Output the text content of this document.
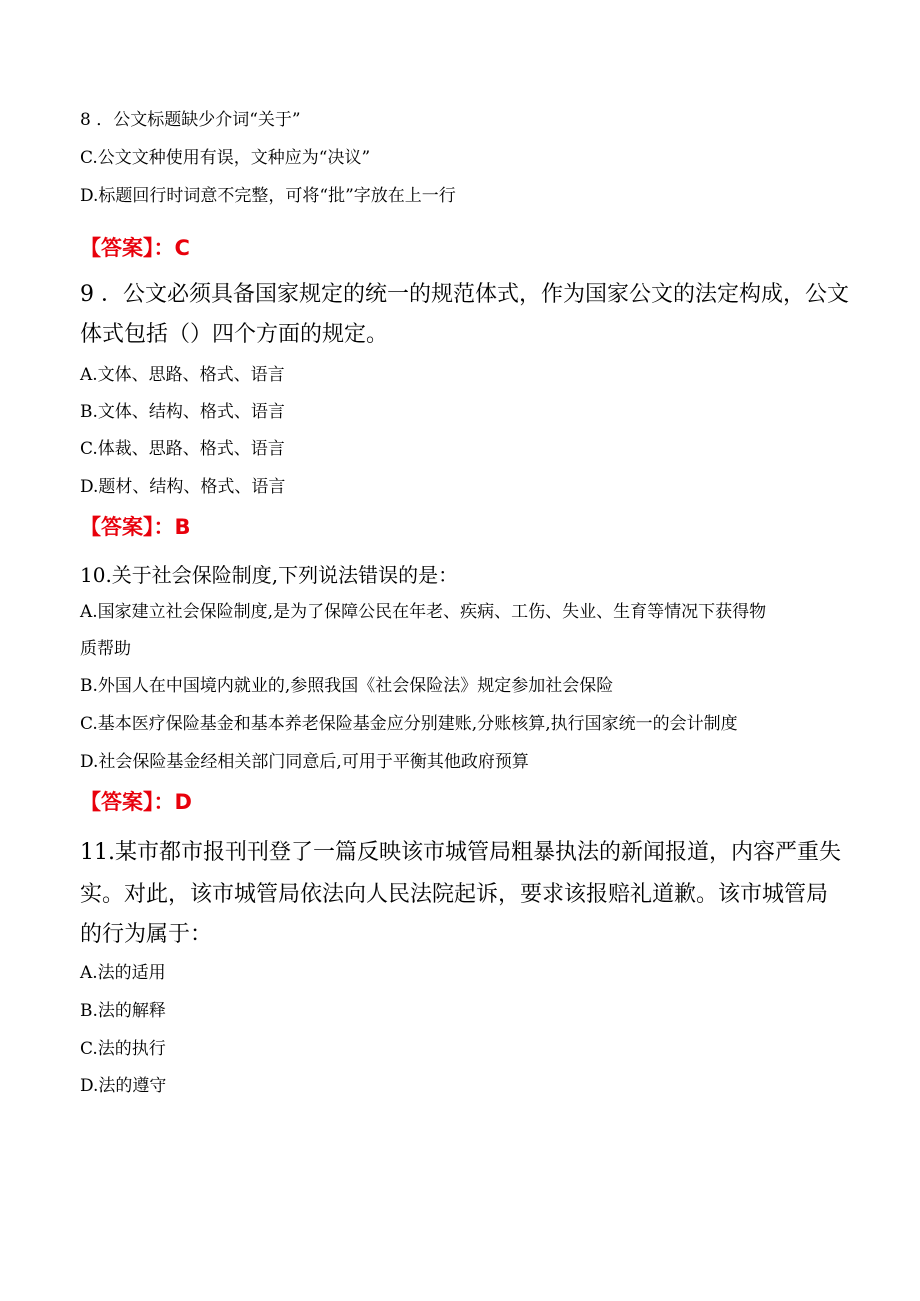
8 ．公文标题缺少介词“关于”
C.公文文种使用有误，文种应为“决议”
D.标题回行时词意不完整，可将“批”字放在上一行
【答案】：C
9 ．公文必须具备国家规定的统一的规范体式，作为国家公文的法定构成，公文
体式包括（）四个方面的规定。
A.文体、思路、格式、语言
B.文体、结构、格式、语言
C.体裁、思路、格式、语言
D.题材、结构、格式、语言
【答案】：B
10.关于社会保险制度,下列说法错误的是：
A.国家建立社会保险制度,是为了保障公民在年老、疾病、工伤、失业、生育等情况下获得物
质帮助
B.外国人在中国境内就业的,参照我国《社会保险法》规定参加社会保险
C.基本医疗保险基金和基本养老保险基金应分别建账,分账核算,执行国家统一的会计制度
D.社会保险基金经相关部门同意后,可用于平衡其他政府预算
【答案】：D
11.某市都市报刊刊登了一篇反映该市城管局粗暴执法的新闻报道，内容严重失
实。对此，该市城管局依法向人民法院起诉，要求该报赔礼道歉。该市城管局
的行为属于：
A.法的适用
B.法的解释
C.法的执行
D.法的遵守
